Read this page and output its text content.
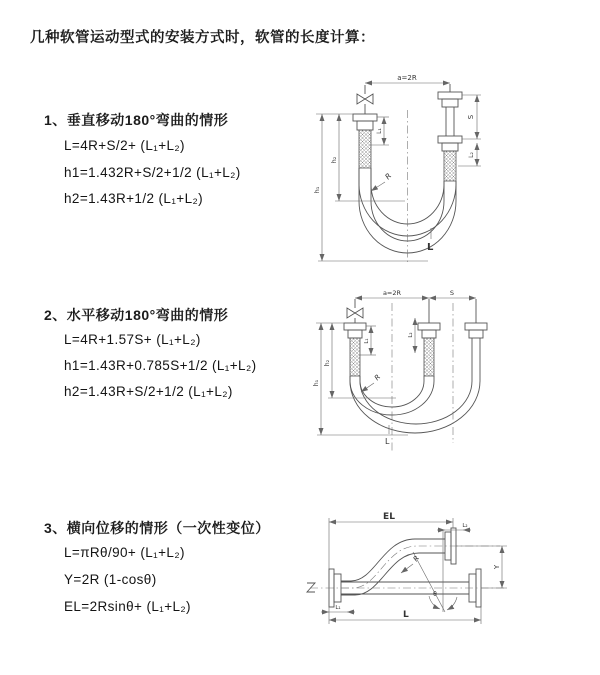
几种软管运动型式的安装方式时，软管的长度计算：
1、垂直移动180°弯曲的情形
L=4R+S/2+ (L₁+L₂)
h1=1.432R+S/2+1/2 (L₁+L₂)
h2=1.43R+1/2 (L₁+L₂)
2、水平移动180°弯曲的情形
L=4R+1.57S+ (L₁+L₂)
h1=1.43R+0.785S+1/2 (L₁+L₂)
h2=1.43R+S/2+1/2 (L₁+L₂)
3、横向位移的情形（一次性变位）
L=πRθ/90+ (L₁+L₂)
Y=2R (1-cosθ)
EL=2Rsinθ+ (L₁+L₂)
a=2R
S
L₂
L₁
h₂
h₁
R
L
a=2R	S
L₁
L₂
h₂
h₁
R
L
θ
EL
L₂
Y
R
L₁
L
